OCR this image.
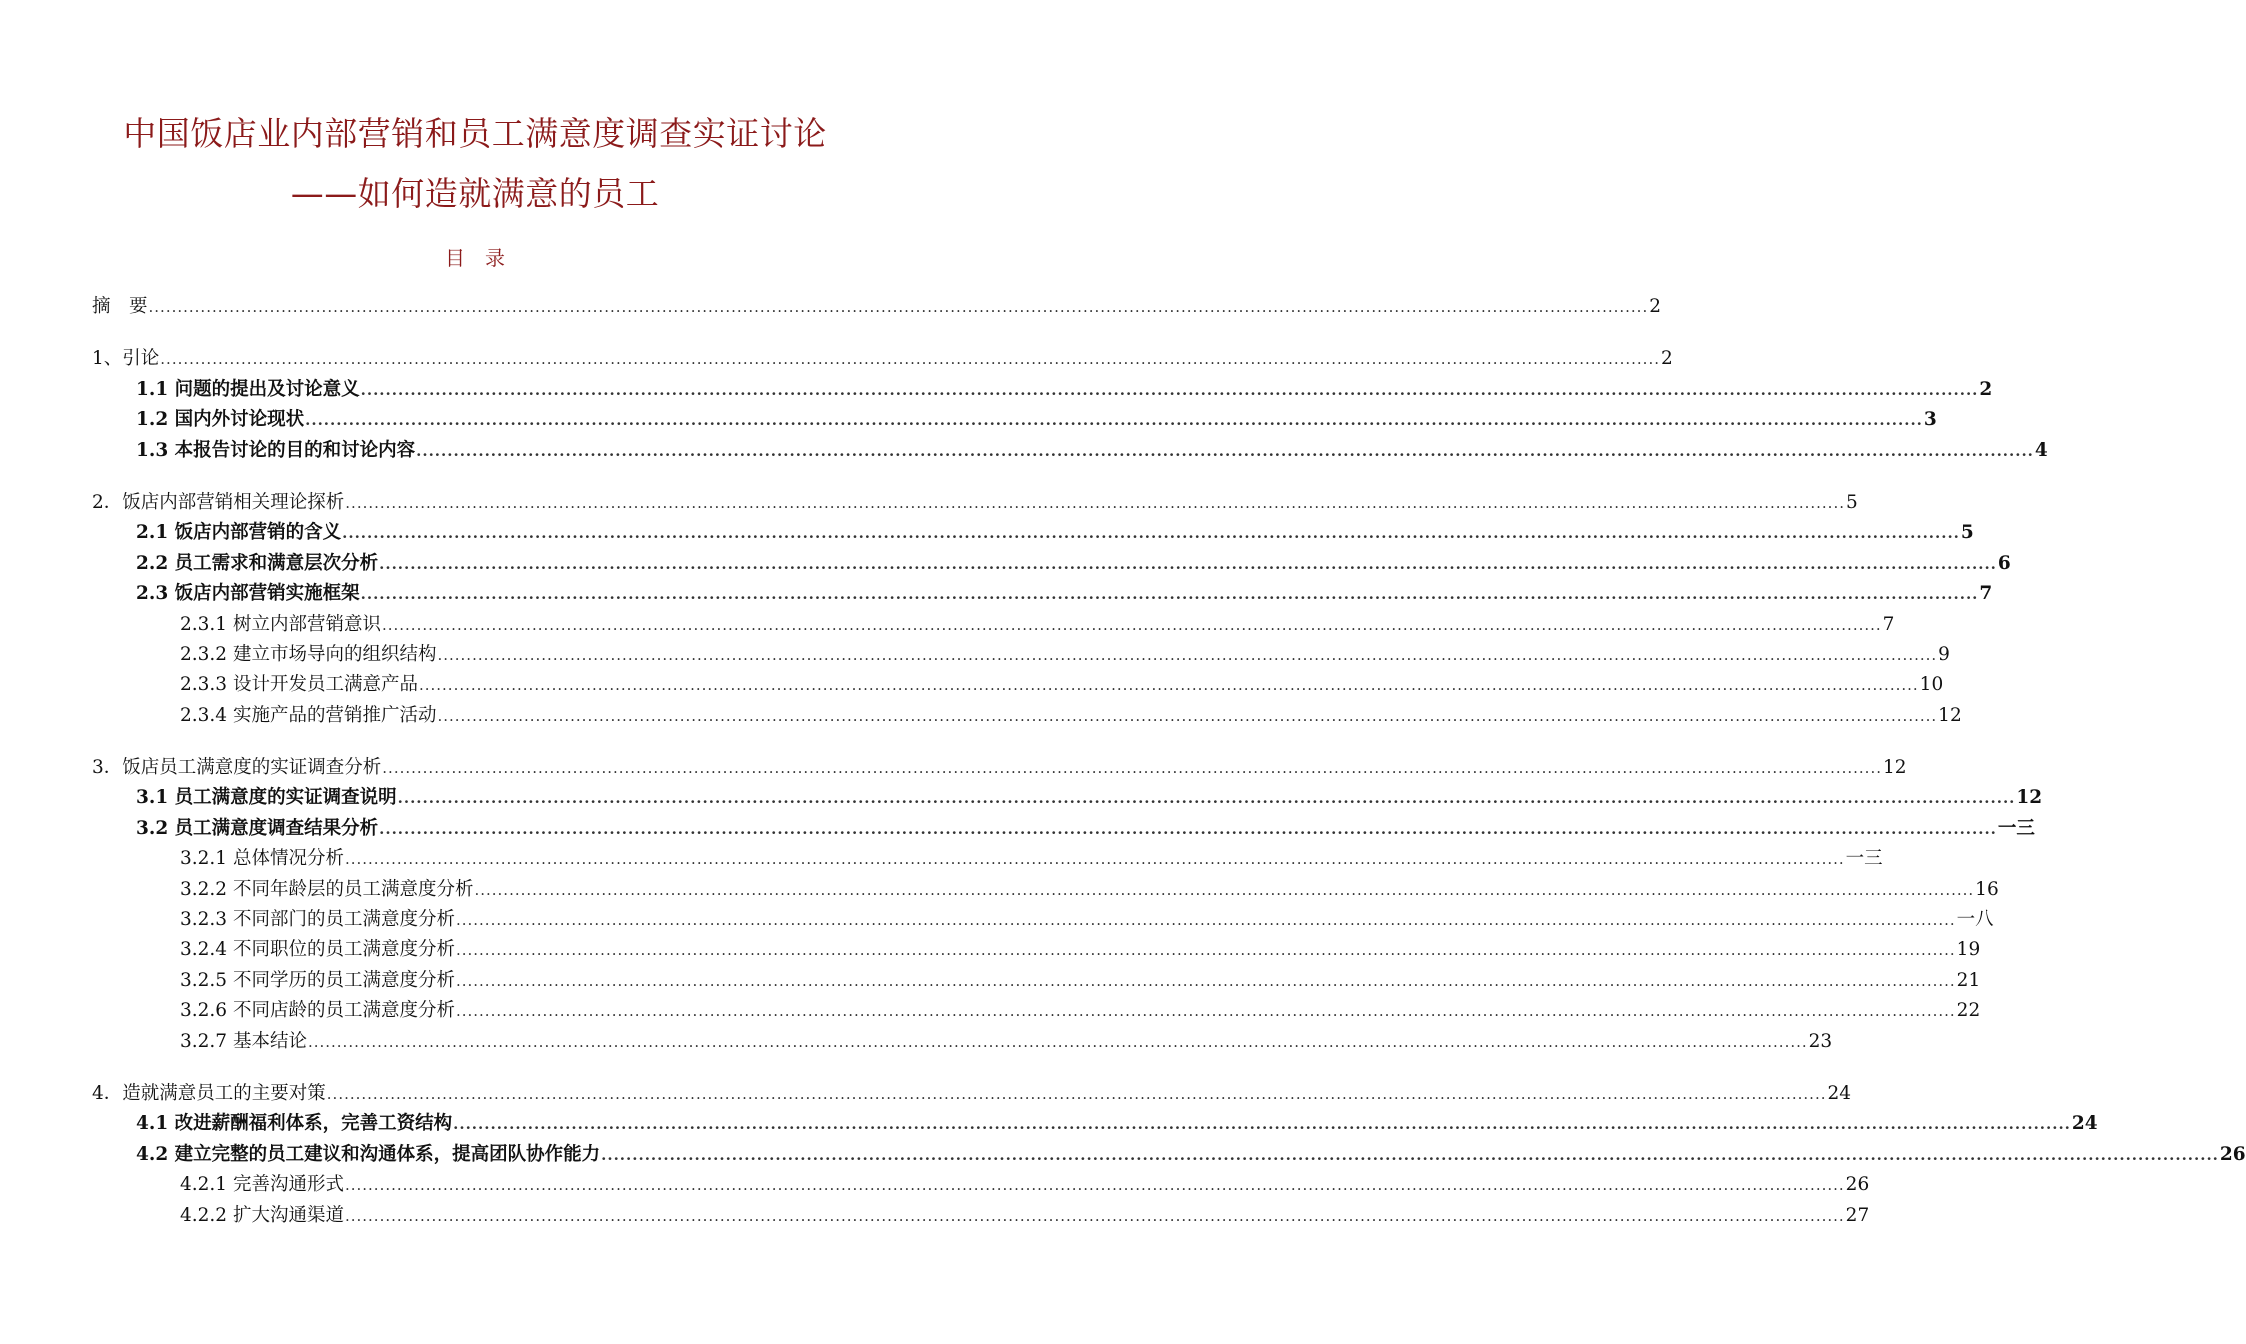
中国饭店业内部营销和员工满意度调查实证讨论
——如何造就满意的员工
目　录
摘　要 .................................................................................................................................................................................................................................................................... 2
1、引论 .................................................................................................................................................................................................................................................................... 2
1.1 问题的提出及讨论意义 .................................................................................................................................................................................................................................................................... 2
1.2 国内外讨论现状 .................................................................................................................................................................................................................................................................... 3
1.3 本报告讨论的目的和讨论内容 .................................................................................................................................................................................................................................................................... 4
2．饭店内部营销相关理论探析 .................................................................................................................................................................................................................................................................... 5
2.1 饭店内部营销的含义 .................................................................................................................................................................................................................................................................... 5
2.2 员工需求和满意层次分析 .................................................................................................................................................................................................................................................................... 6
2.3 饭店内部营销实施框架 .................................................................................................................................................................................................................................................................... 7
2.3.1 树立内部营销意识 .................................................................................................................................................................................................................................................................... 7
2.3.2 建立市场导向的组织结构 .................................................................................................................................................................................................................................................................... 9
2.3.3 设计开发员工满意产品 .................................................................................................................................................................................................................................................................... 10
2.3.4 实施产品的营销推广活动 .................................................................................................................................................................................................................................................................... 12
3．饭店员工满意度的实证调查分析 .................................................................................................................................................................................................................................................................... 12
3.1 员工满意度的实证调查说明 .................................................................................................................................................................................................................................................................... 12
3.2 员工满意度调查结果分析 .................................................................................................................................................................................................................................................................... 一三
3.2.1 总体情况分析 .................................................................................................................................................................................................................................................................... 一三
3.2.2 不同年龄层的员工满意度分析 .................................................................................................................................................................................................................................................................... 16
3.2.3 不同部门的员工满意度分析 .................................................................................................................................................................................................................................................................... 一八
3.2.4 不同职位的员工满意度分析 .................................................................................................................................................................................................................................................................... 19
3.2.5 不同学历的员工满意度分析 .................................................................................................................................................................................................................................................................... 21
3.2.6 不同店龄的员工满意度分析 .................................................................................................................................................................................................................................................................... 22
3.2.7 基本结论 .................................................................................................................................................................................................................................................................... 23
4．造就满意员工的主要对策 .................................................................................................................................................................................................................................................................... 24
4.1 改进薪酬福利体系，完善工资结构 .................................................................................................................................................................................................................................................................... 24
4.2 建立完整的员工建议和沟通体系，提高团队协作能力 .................................................................................................................................................................................................................................................................... 26
4.2.1 完善沟通形式 .................................................................................................................................................................................................................................................................... 26
4.2.2 扩大沟通渠道 .................................................................................................................................................................................................................................................................... 27
